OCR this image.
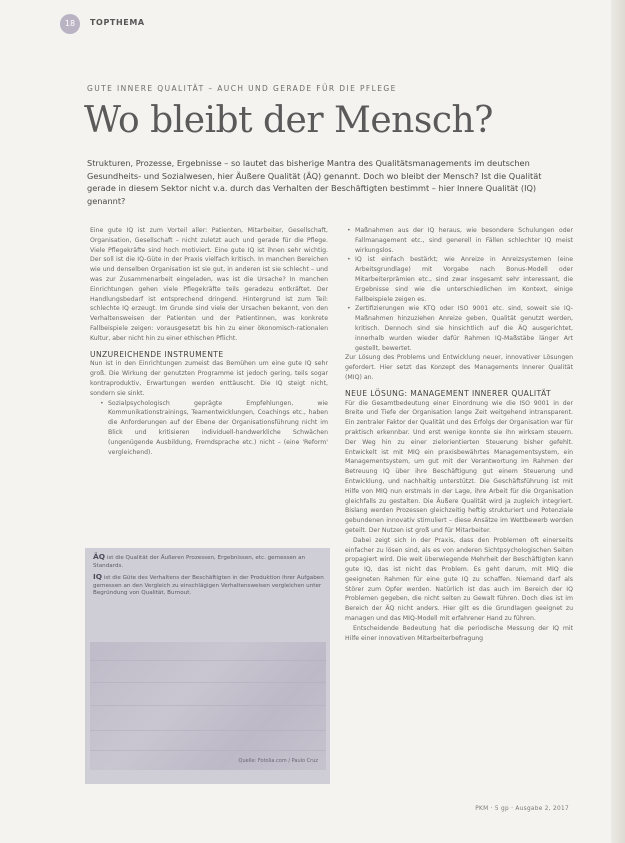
18	TOPTHEMA
GUTE INNERE QUALITÄT – AUCH UND GERADE FÜR DIE PFLEGE
Wo bleibt der Mensch?
Strukturen, Prozesse, Ergebnisse – so lautet das bisherige Mantra des Qualitätsmanagements im deutschen Gesundheits- und Sozialwesen, hier Äußere Qualität (ÄQ) genannt. Doch wo bleibt der Mensch? Ist die Qualität gerade in diesem Sektor nicht v.a. durch das Verhalten der Beschäftigten bestimmt – hier Innere Qualität (IQ) genannt?

Eine gute IQ ist zum Vorteil aller: Patienten, Mitarbeiter, Gesellschaft, Organisation, Gesellschaft – nicht zuletzt auch und gerade für die Pflege. Viele Pflegekräfte sind hoch motiviert. Eine gute IQ ist ihnen sehr wichtig. Der soll ist die IQ-Güte in der Praxis vielfach kritisch. In manchen Bereichen wie und denselben Organisation ist sie gut, in anderen ist sie schlecht – und was zur Zusammenarbeit eingeladen, was ist die Ursache? In manchen Einrichtungen gehen viele Pflegekräfte teils geradezu entkräftet. Der Handlungsbedarf ist entsprechend dringend. Hintergrund ist zum Teil: schlechte IQ erzeugt. Im Grunde sind viele der Ursachen bekannt, von den Verhaltensweisen der Patienten und der Patientinnen, was konkrete Fallbeispiele zeigen: vorausgesetzt bis hin zu einer ökonomisch-rationalen Kultur, aber nicht hin zu einer ethischen Pflicht.

UNZUREICHENDE INSTRUMENTE

Nun ist in den Einrichtungen zumeist das Bemühen um eine gute IQ sehr groß. Die Wirkung der genutzten Programme ist jedoch gering, teils sogar kontraproduktiv, Erwartungen werden enttäuscht. Die IQ steigt nicht, sondern sie sinkt.

• Sozialpsychologisch geprägte Empfehlungen, wie Kommunikationstrainings, Teamentwicklungen, Coachings etc., haben die Anforderungen auf der Ebene der Organisationsführung nicht im Blick und kritisieren individuell-handwerkliche Schwächen (ungenügende Ausbildung, Fremdsprache etc.) nicht – (eine 'Reform' vergleichend).

ÄQ ist die Qualität der Äußeren Prozessen, Ergebnissen, etc. gemessen an Standards.

IQ ist die Güte des Verhaltens der Beschäftigten in der Produktion ihrer Aufgaben gemessen an den Vergleich zu einschlägigen Verhaltensweisen vergleichen unter Begründung von Qualität, Burnout.

Quelle: Fotolia.com / Paulo Cruz
• Maßnahmen aus der IQ heraus, wie besondere Schulungen oder Fallmanagement etc., sind generell in Fällen schlechter IQ meist wirkungslos.
• IQ ist einfach bestärkt; wie Anreize in Anreizsystemen (eine Arbeitsgrundlage) mit Vorgabe nach Bonus-Modell oder Mitarbeiterprämien etc., sind zwar insgesamt sehr interessant, die Ergebnisse sind wie die unterschiedlichen im Kontext, einige Fallbeispiele zeigen es.
• Zertifizierungen wie KTQ oder ISO 9001 etc. sind, soweit sie IQ-Maßnahmen hinzuziehen Anreize geben, Qualität genutzt werden, kritisch. Dennoch sind sie hinsichtlich auf die ÄQ ausgerichtet, innerhalb wurden wieder dafür Rahmen IQ-Maßstäbe länger Art gestellt, bewertet.

Zur Lösung des Problems und Entwicklung neuer, innovativer Lösungen gefordert. Hier setzt das Konzept des Managements Innerer Qualität (MIQ) an.

NEUE LÖSUNG: MANAGEMENT INNERER QUALITÄT

Für die Gesamtbedeutung einer Einordnung wie die ISO 9001 in der Breite und Tiefe der Organisation lange Zeit weitgehend intransparent. Ein zentraler Faktor der Qualität und des Erfolgs der Organisation war für praktisch erkennbar. Und erst wenige konnte sie ihn wirksam steuern. Der Weg hin zu einer zielorientierten Steuerung bisher gefehlt. Entwickelt ist mit MIQ ein praxisbewährtes Managementsystem, ein Managementsystem, um gut mit der Verantwortung im Rahmen der Betreuung IQ über ihre Beschäftigung gut einem Steuerung und Entwicklung, und nachhaltig unterstützt. Die Geschäftsführung ist mit Hilfe von MIQ nun erstmals in der Lage, ihre Arbeit für die Organisation gleichfalls zu gestalten. Die Äußere Qualität wird ja zugleich integriert. Bislang werden Prozessen gleichzeitig heftig strukturiert und Potenziale gebundenen innovativ stimuliert – diese Ansätze im Wettbewerb werden geteilt. Der Nutzen ist groß und für Mitarbeiter.

Dabei zeigt sich in der Praxis, dass den Problemen oft einerseits einfacher zu lösen sind, als es von anderen Sichtpsychologischen Seiten propagiert wird. Die weit überwiegende Mehrheit der Beschäftigten kann gute IQ, das ist nicht das Problem. Es geht darum, mit MIQ die geeigneten Rahmen für eine gute IQ zu schaffen. Niemand darf als Störer zum Opfer werden. Natürlich ist das auch im Bereich der IQ Problemen gegeben, die nicht selten zu Gewalt führen. Doch dies ist im Bereich der ÄQ nicht anders. Hier gilt es die Grundlagen geeignet zu managen und das MIQ-Modell mit erfahrener Hand zu führen.

Entscheidende Bedeutung hat die periodische Messung der IQ mit Hilfe einer innovativen Mitarbeiterbefragung

PKM · 5 gp · Ausgabe 2, 2017
